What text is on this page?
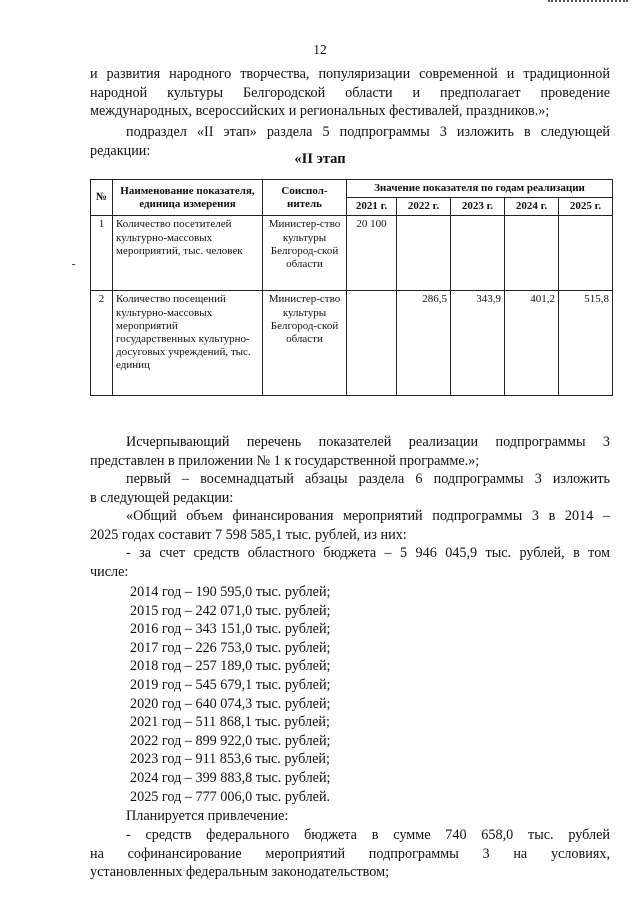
12
и развития народного творчества, популяризации современной и традиционной
народной культуры Белгородской области и предполагает проведение
международных, всероссийских и региональных фестивалей, праздников.»;
подраздел «II этап» раздела 5 подпрограммы 3 изложить в следующей
редакции:
«II этап
№	Наименование показателя, единица измерения	Соиспол-нитель	Значение показателя по годам реализации				
			2021 г.	2022 г.	2023 г.	2024 г.	2025 г.
1	Количество посетителей культурно-массовых мероприятий, тыс. человек	Министер-ство культуры Белгород-ской области	20 100				
2	Количество посещений культурно-массовых мероприятий государственных культурно-досуговых учреждений, тыс. единиц	Министер-ство культуры Белгород-ской области		286,5	343,9	401,2	515,8
Исчерпывающий перечень показателей реализации подпрограммы 3
представлен в приложении № 1 к государственной программе.»;
первый – восемнадцатый абзацы раздела 6 подпрограммы 3 изложить
в следующей редакции:
«Общий объем финансирования мероприятий подпрограммы 3 в 2014 –
2025 годах составит 7 598 585,1 тыс. рублей, из них:
- за счет средств областного бюджета – 5 946 045,9 тыс. рублей, в том
числе:
2014 год – 190 595,0 тыс. рублей;
2015 год – 242 071,0 тыс. рублей;
2016 год – 343 151,0 тыс. рублей;
2017 год – 226 753,0 тыс. рублей;
2018 год – 257 189,0 тыс. рублей;
2019 год – 545 679,1 тыс. рублей;
2020 год – 640 074,3 тыс. рублей;
2021 год – 511 868,1 тыс. рублей;
2022 год – 899 922,0 тыс. рублей;
2023 год – 911 853,6 тыс. рублей;
2024 год – 399 883,8 тыс. рублей;
2025 год – 777 006,0 тыс. рублей.
Планируется привлечение:
- средств федерального бюджета в сумме 740 658,0 тыс. рублей
на софинансирование мероприятий подпрограммы 3 на условиях,
установленных федеральным законодательством;
